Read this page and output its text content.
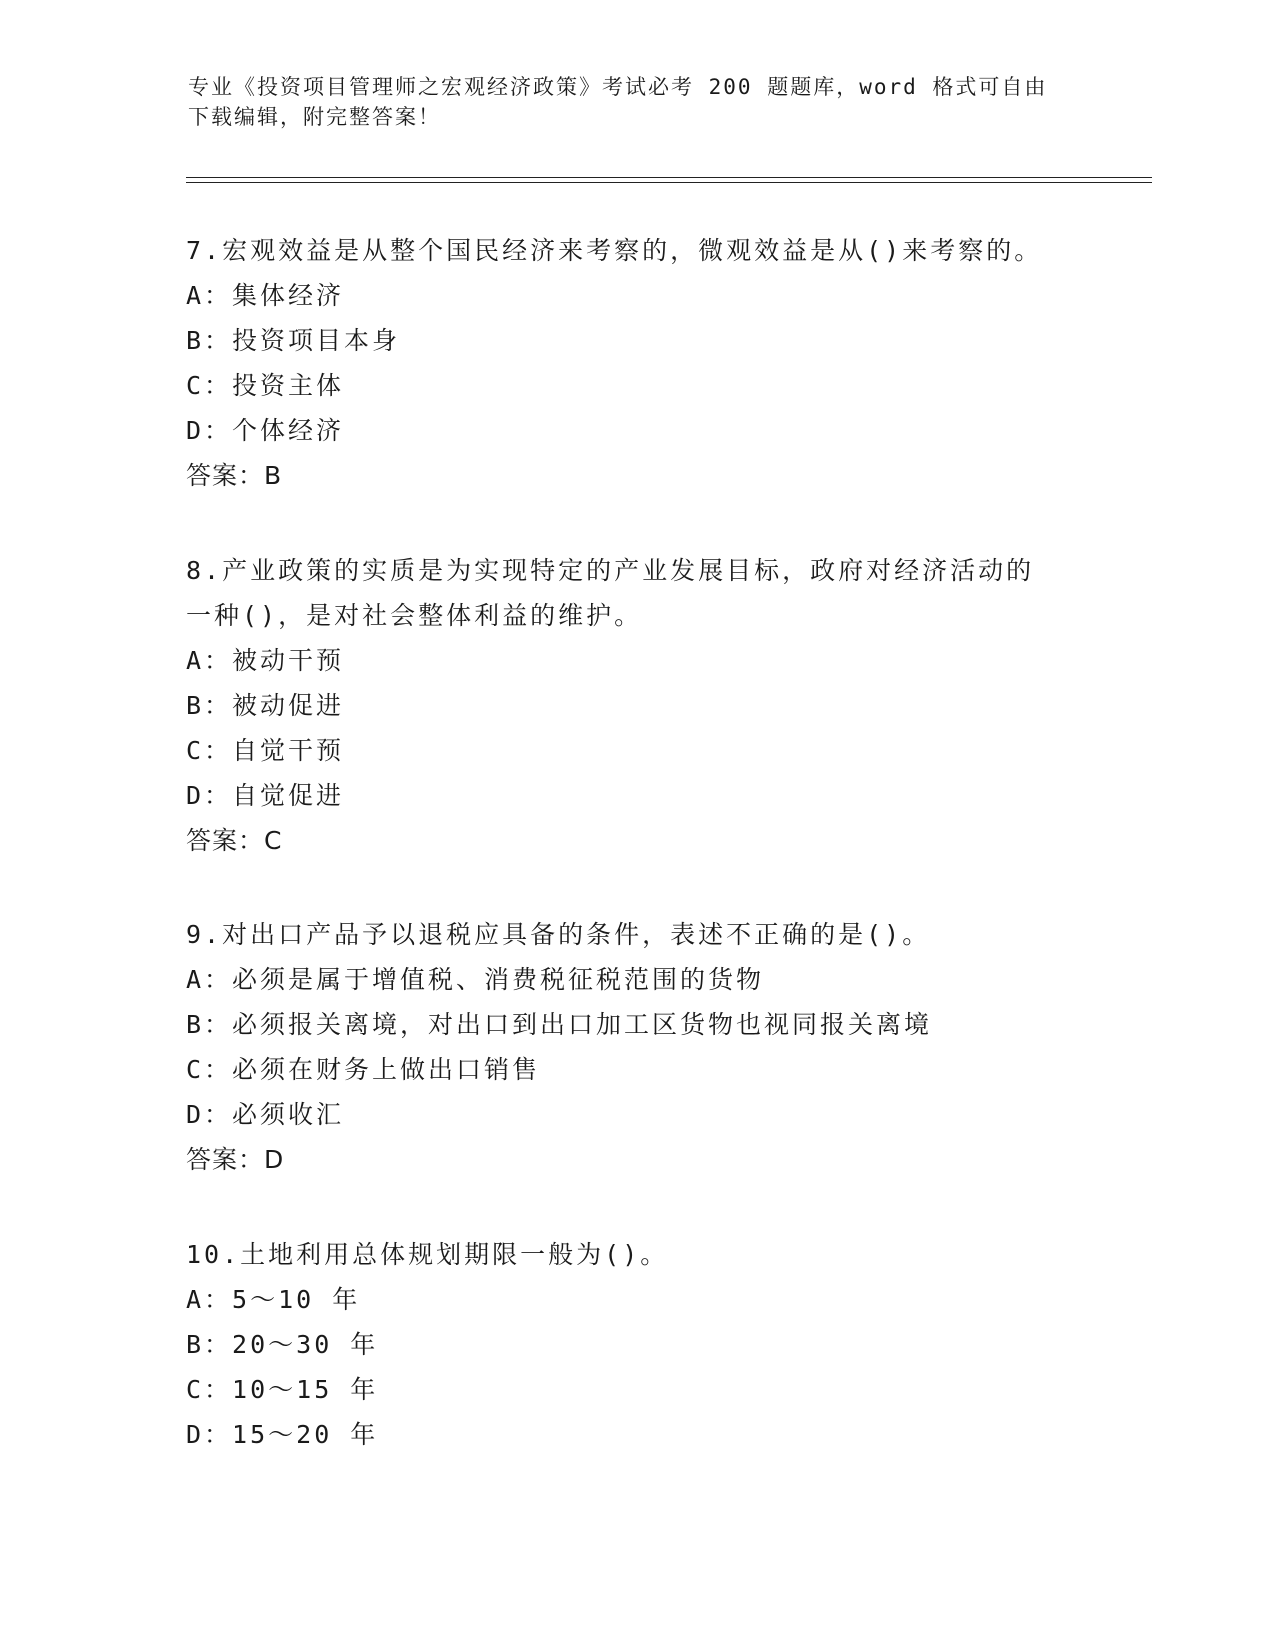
专业《投资项目管理师之宏观经济政策》考试必考 200 题题库，word 格式可自由
下载编辑，附完整答案！

7.宏观效益是从整个国民经济来考察的，微观效益是从()来考察的。

A：集体经济

B：投资项目本身

C：投资主体

D：个体经济

答案：B

8.产业政策的实质是为实现特定的产业发展目标，政府对经济活动的

一种()，是对社会整体利益的维护。

A：被动干预

B：被动促进

C：自觉干预

D：自觉促进

答案：C

9.对出口产品予以退税应具备的条件，表述不正确的是()。

A：必须是属于增值税、消费税征税范围的货物

B：必须报关离境，对出口到出口加工区货物也视同报关离境

C：必须在财务上做出口销售

D：必须收汇

答案：D

10.土地利用总体规划期限一般为()。

A：5～10 年

B：20～30 年

C：10～15 年

D：15～20 年
